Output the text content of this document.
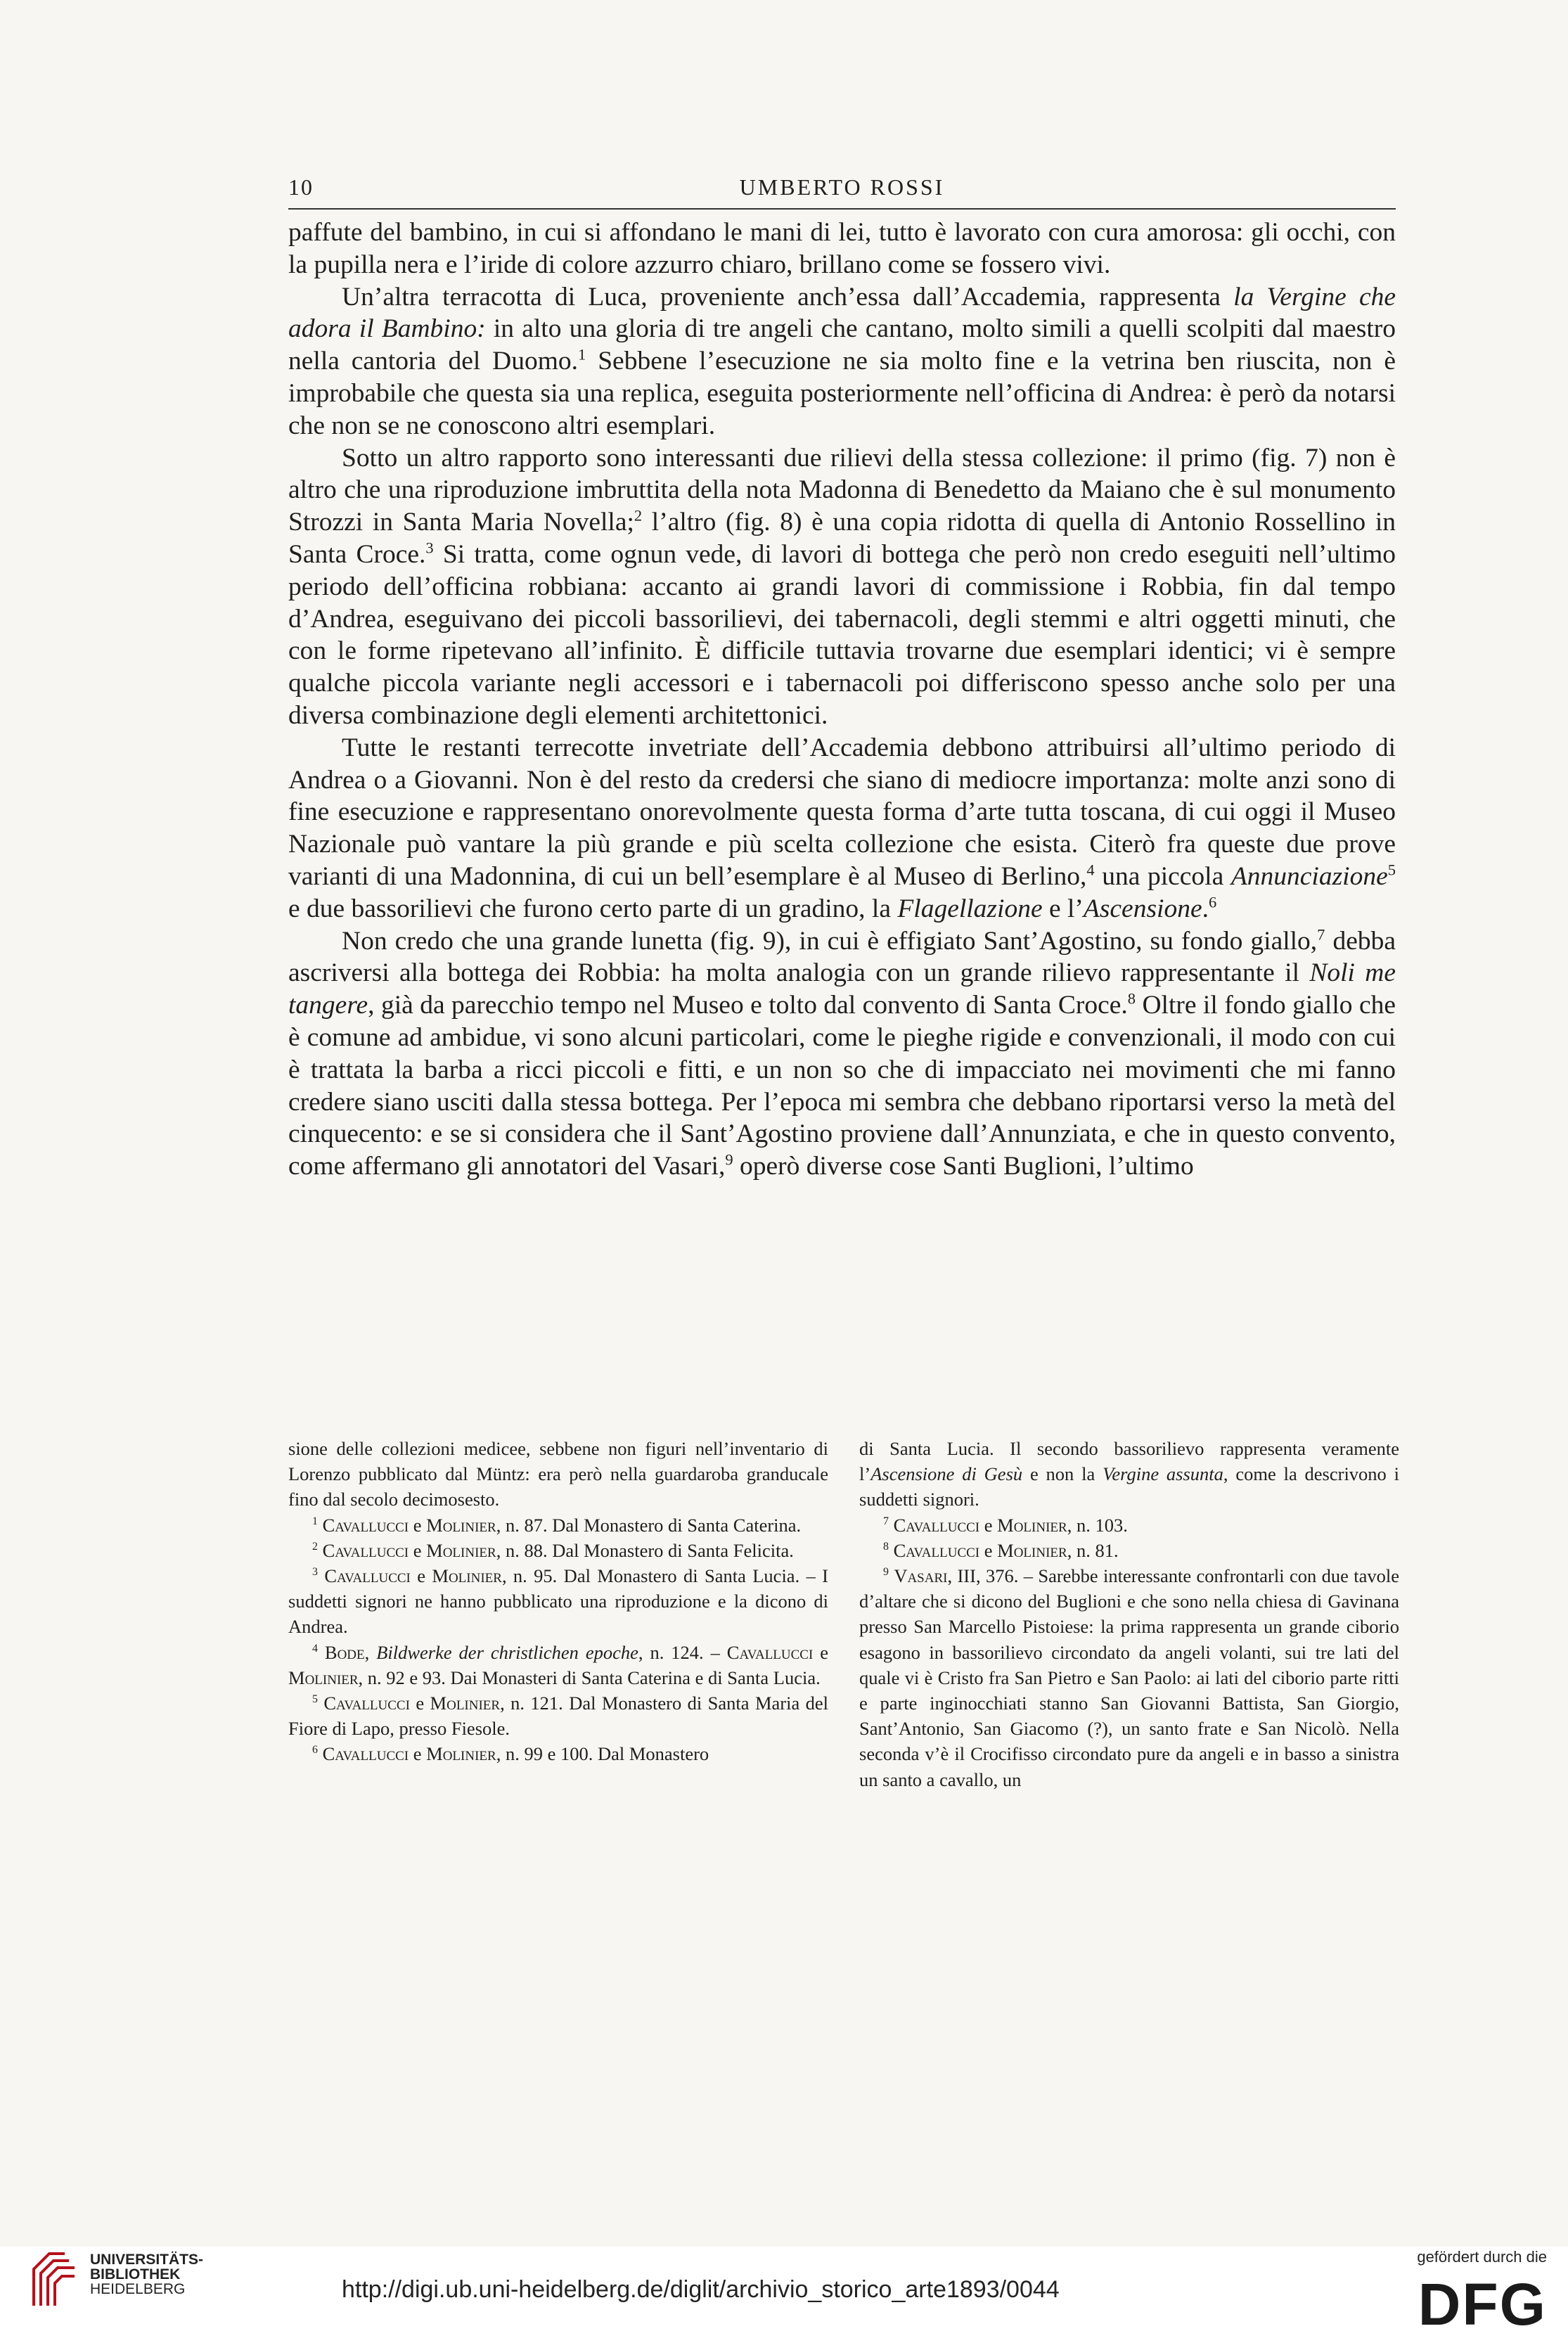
10	UMBERTO ROSSI

paffute del bambino, in cui si affondano le mani di lei, tutto è lavorato con cura amorosa: gli occhi, con la pupilla nera e l’iride di colore azzurro chiaro, brillano come se fossero vivi.

Un’altra terracotta di Luca, proveniente anch’essa dall’Accademia, rappresenta la Vergine che adora il Bambino: in alto una gloria di tre angeli che cantano, molto simili a quelli scolpiti dal maestro nella cantoria del Duomo.$^1$ Sebbene l’esecuzione ne sia molto fine e la vetrina ben riuscita, non è improbabile che questa sia una replica, eseguita posteriormente nell’officina di Andrea: è però da notarsi che non se ne conoscono altri esemplari.

Sotto un altro rapporto sono interessanti due rilievi della stessa collezione: il primo (fig. 7) non è altro che una riproduzione imbruttita della nota Madonna di Benedetto da Maiano che è sul monumento Strozzi in Santa Maria Novella;$^2$ l’altro (fig. 8) è una copia ridotta di quella di Antonio Rossellino in Santa Croce.$^3$ Si tratta, come ognun vede, di lavori di bottega che però non credo eseguiti nell’ultimo periodo dell’officina robbiana: accanto ai grandi lavori di commissione i Robbia, fin dal tempo d’Andrea, eseguivano dei piccoli bassorilievi, dei tabernacoli, degli stemmi e altri oggetti minuti, che con le forme ripetevano all’infinito. È difficile tuttavia trovarne due esemplari identici; vi è sempre qualche piccola variante negli accessori e i tabernacoli poi differiscono spesso anche solo per una diversa combinazione degli elementi architettonici.

Tutte le restanti terrecotte invetriate dell’Accademia debbono attribuirsi all’ultimo periodo di Andrea o a Giovanni. Non è del resto da credersi che siano di mediocre importanza: molte anzi sono di fine esecuzione e rappresentano onorevolmente questa forma d’arte tutta toscana, di cui oggi il Museo Nazionale può vantare la più grande e più scelta collezione che esista. Citerò fra queste due prove varianti di una Madonnina, di cui un bell’esemplare è al Museo di Berlino,$^4$ una piccola Annunciazione$^5$ e due bassorilievi che furono certo parte di un gradino, la Flagellazione e l’Ascensione.$^6$

Non credo che una grande lunetta (fig. 9), in cui è effigiato Sant’Agostino, su fondo giallo,$^7$ debba ascriversi alla bottega dei Robbia: ha molta analogia con un grande rilievo rappresentante il Noli me tangere, già da parecchio tempo nel Museo e tolto dal convento di Santa Croce.$^8$ Oltre il fondo giallo che è comune ad ambidue, vi sono alcuni particolari, come le pieghe rigide e convenzionali, il modo con cui è trattata la barba a ricci piccoli e fitti, e un non so che di impacciato nei movimenti che mi fanno credere siano usciti dalla stessa bottega. Per l’epoca mi sembra che debbano riportarsi verso la metà del cinquecento: e se si considera che il Sant’Agostino proviene dall’Annunziata, e che in questo convento, come affermano gli annotatori del Vasari,$^9$ operò diverse cose Santi Buglioni, l’ultimo

sione delle collezioni medicee, sebbene non figuri nell’inventario di Lorenzo pubblicato dal Müntz: era però nella guardaroba granducale fino dal secolo decimosesto.

$^1$ Cavallucci e Molinier, n. 87. Dal Monastero di Santa Caterina.

$^2$ Cavallucci e Molinier, n. 88. Dal Monastero di Santa Felicita.

$^3$ Cavallucci e Molinier, n. 95. Dal Monastero di Santa Lucia. – I suddetti signori ne hanno pubblicato una riproduzione e la dicono di Andrea.

$^4$ Bode, Bildwerke der christlichen epoche, n. 124. – Cavallucci e Molinier, n. 92 e 93. Dai Monasteri di Santa Caterina e di Santa Lucia.

$^5$ Cavallucci e Molinier, n. 121. Dal Monastero di Santa Maria del Fiore di Lapo, presso Fiesole.

$^6$ Cavallucci e Molinier, n. 99 e 100. Dal Monastero

di Santa Lucia. Il secondo bassorilievo rappresenta veramente l’Ascensione di Gesù e non la Vergine assunta, come la descrivono i suddetti signori.

$^7$ Cavallucci e Molinier, n. 103.

$^8$ Cavallucci e Molinier, n. 81.

$^9$ Vasari, III, 376. – Sarebbe interessante confrontarli con due tavole d’altare che si dicono del Buglioni e che sono nella chiesa di Gavinana presso San Marcello Pistoiese: la prima rappresenta un grande ciborio esagono in bassorilievo circondato da angeli volanti, sui tre lati del quale vi è Cristo fra San Pietro e San Paolo: ai lati del ciborio parte ritti e parte inginocchiati stanno San Giovanni Battista, San Giorgio, Sant’Antonio, San Giacomo (?), un santo frate e San Nicolò. Nella seconda v’è il Crocifisso circondato pure da angeli e in basso a sinistra un santo a cavallo, un

UNIVERSITÄTS-
BIBLIOTHEK
HEIDELBERG	http://digi.ub.uni-heidelberg.de/diglit/archivio_storico_arte1893/0044
gefördert durch die
DFG
